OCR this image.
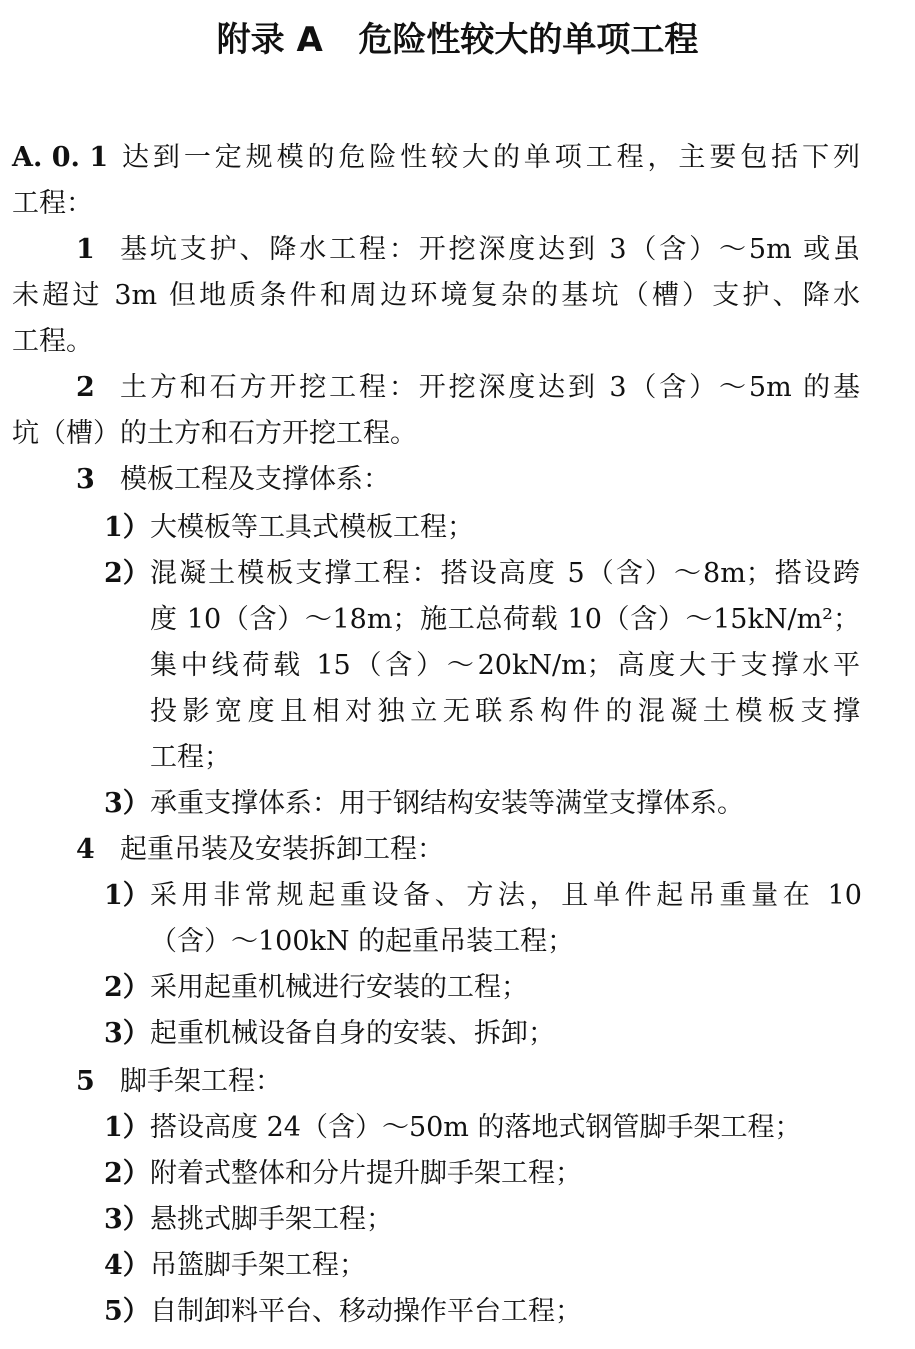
附录 A   危险性较大的单项工程
A. 0. 1 达到一定规模的危险性较大的单项工程，主要包括下列
工程：
1 基坑支护、降水工程：开挖深度达到 3（含）～5m 或虽
未超过 3m 但地质条件和周边环境复杂的基坑（槽）支护、降水
工程。
2 土方和石方开挖工程：开挖深度达到 3（含）～5m 的基
坑（槽）的土方和石方开挖工程。
3 模板工程及支撑体系：
1） 大模板等工具式模板工程；
2） 混凝土模板支撑工程：搭设高度 5（含）～8m；搭设跨
度 10（含）～18m；施工总荷载 10（含）～15kN/m²；
集中线荷载 15（含）～20kN/m；高度大于支撑水平
投影宽度且相对独立无联系构件的混凝土模板支撑
工程；
3） 承重支撑体系：用于钢结构安装等满堂支撑体系。
4 起重吊装及安装拆卸工程：
1） 采用非常规起重设备、方法，且单件起吊重量在 10
（含）～100kN 的起重吊装工程；
2） 采用起重机械进行安装的工程；
3） 起重机械设备自身的安装、拆卸；
5 脚手架工程：
1） 搭设高度 24（含）～50m 的落地式钢管脚手架工程；
2） 附着式整体和分片提升脚手架工程；
3） 悬挑式脚手架工程；
4） 吊篮脚手架工程；
5） 自制卸料平台、移动操作平台工程；
